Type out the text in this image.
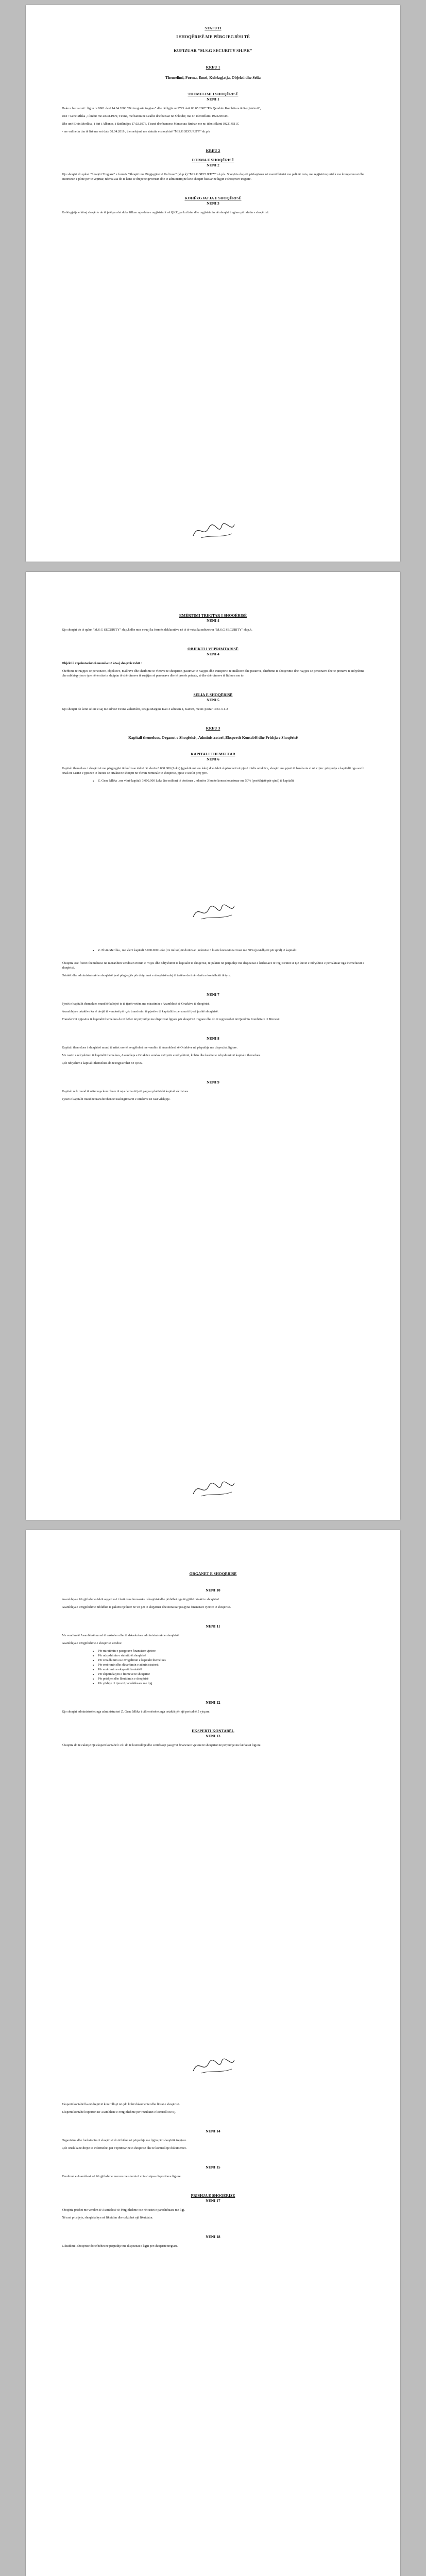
STATUTI

I SHOQËRISË ME PËRGJEGJËSI TË

KUFIZUAR "M.S.G SECURITY SH.P.K"

KREU 1

Themelimi, Forma, Emri, Kohëzgjatja, Objekti dhe Selia

THEMELIMI I SHOQËRISË

NENI 1

Duke u bazuar në : ligjin nr.9901 datë 14.04.2008 "Për tregtarët tregtare" dhe në ligjin nr.9723 datë 03.05.2007 "Për Qendrën Kombëtare të Regjistrimit",

Unë : Genc Mlika , i lindur më 28.08.1979, Tiranë, me banim në Lealbe dhe bazuar në Shkodër, me nr. identifikimi I92329031G

Dhe unë Elvin Merlika , i biri i Albanos, i datëlindjes 17.02.1976, Tiranë dhe banuese Mancoura Rruhan me nr. identifikimi I92214511C

- me vullnetin tim të lirë me sot date 08.04.2019 , themelojmë me statutin e shoqërisë "M.S.G SECURITY" sh.p.k

KREU 2

FORMA E SHOQËRISË

NENI 2

Kjo shoqëri do quhet "Shoqëri Tregtare" e formës "Shoqëri me Përgjegjësi të Kufizuar" (sh.p.k) "M.S.G SECURITY" sh.p.k. Shoqëria do jetë përfaqësuar në marrëdhëniet me palë të treta, me regjistrim juridik me kompetencat dhe autoritetin e plotë për të vepruar, ndërsa ata do të kenë të drejtë të qeverisin dhe të administrojnë këtë shoqëri bazuar në ligjin e shoqërive tregtare.

KOHËZGJATJA E SHOQËRISË

NENI 3

Kohëzgjatja e kësaj shoqërie do të jetë pa afat duke filluar nga data e regjistrimit në QKR, pa kufizim dhe regjistrimin në shoqëri tregtare për afatin e shoqërisë.

EMËRTIMI TREGTAR I SHOQËRISË

NENI 4

Kjo shoqëri do të quhet "M.S.G SECURITY" sh.p.k dhe mos e ruaj ka formën deklaratëve në të të vetat ku mbizotror "M.S.G SECURITY" sh.p.k.

OBJEKTI I VEPRIMTARISË

NENI 4

Objekti i veprimtarisë ekonomike të kësaj shoqërie është :

Shërbime të ruajtjes së personave, objekteve, mallrave dhe shërbime të vlerave të shoqërisë, pasurive të ruajtjes dhe transportit të mallrave dhe pasurive, shërbime të shoqërimit dhe ruajtjes së personave dhe të pronave të ndryshme dhe mbikëqyrjen e tyre në territorin shqiptar të shërbimeve të ruajtjes së personave dhe të pronës private, si dhe shërbimeve të lidhura me to.

SELIA E SHOQËRISË

NENI 5

Kjo shoqëri do kenë selinë e saj me adresë Tirana Zeherishti, Rruga Margine Kati 3 adresën 4, Kamëz, me nr. postar 1053-3-1-2

KREU 3

Kapitali themelues, Organet e Shoqërisë , Administratori ,Ekspertit Kontabël dhe Prishja e Shoqërisë

KAPITALI THEMELTAR

NENI 6

Kapitali themelues i shoqërisë me përgjegjësi të kufizuar është në vlerën 6.000.000 (Leke) (gjashtë milion leke) dhe është shpërndarë në pjesë midis ortakëve, shoqëri me pjesë të barabarta si në vijim: përqindja e kapitalit nga secili ortak në sasinë e pjesëve të kuotës së ortakut në shoqëri në vlerën nominale të shoqërisë, pjesë e secilit prej tyre.

• Z. Genc Mlika , me vlerë kapitali 3.000.000 Leke (tre milion) të dorëzuar , ndonëse 3 kuote konsesionarizuar me 50% (pesëdhjetë për qind) të kapitalit
• Z. Elvin Merlika , me vlerë kapitali 3.000.000 Leke (tre milion) të dorëzuar , ndonëse 3 kuote konsesionarizuar me 50% (pesëdhjetë për qind) të kapitalit

Shoqëria ose fitoret themeluese në menaxhim vendosin ritmin e rritjes dhe ndryshimit të kapitalit të shoqërisë, të paktën në përputhje me dispozitat e kërkesave të regjistrimit si një kuotë e ndryshme e përcaktuar nga themeluesit e shoqërisë.

Ortakët dhe administratorët e shoqërisë janë përgjegjës për detyrimet e shoqërisë ndaj të tretëve deri në vlerën e kontributit të tyre.

NENI 7

Pjesët e kapitalit themelues mund të kalojnë te të tjerët vetëm me miratimin e Asamblesë së Ortakëve të shoqërisë.

Asambleja e ortakëve ka të drejtë të vendosë për çdo transferim të pjesëve të kapitalit te persona të tjerë jashtë shoqërisë.

Transferimi i pjesëve të kapitalit themelues do të bëhet në përputhje me dispozitat ligjore për shoqëritë tregtare dhe do të regjistrohet në Qendrën Kombëtare të Biznesit.

NENI 8

Kapitali themelues i shoqërisë mund të rritet ose të zvogëlohet me vendim të Asamblesë së Ortakëve në përputhje me dispozitat ligjore.

Me rastin e ndryshimit të kapitalit themelues, Asambleja e Ortakëve vendos mënyrën e ndryshimit, kohën dhe kushtet e ndryshimit të kapitalit themelues.

Çdo ndryshim i kapitalit themelues do të regjistrohet në QKB.

NENI 9

Kapitali nuk mund të rritet nga kontribute të reja derisa të jetë paguar plotësisht kapitali ekzistues.

Pjesët e kapitalit mund të transferohen të trashëgimtarët e ortakëve në rast vdekjeje.

ORGANET E SHOQËRISË

NENI 10

Asambleja e Përgjithshme është organi më i lartë vendimmarrës i shoqërisë dhe përbëhet nga të gjithë ortakët e shoqërisë.

Asambleja e Përgjithshme mblidhet të paktën një herë në vit për të shqyrtuar dhe miratuar pasqyrat financiare vjetore të shoqërisë.

NENI 11

Me vendim të Asamblesë mund të caktohen dhe të shkarkohen administratorët e shoqërisë.

Asambleja e Përgjithshme e shoqërisë vendos:

• Për miratimin e pasqyrave financiare vjetore
• Për ndryshimin e statutit të shoqërisë
• Për zmadhimin ose zvogëlimin e kapitalit themelues
• Për emërimin dhe shkarkimin e administratorit
• Për emërimin e ekspertit kontabël
• Për shpërndarjen e fitimeve të shoqërisë
• Për prishjen dhe likuidimin e shoqërisë
• Për çështje të tjera të parashikuara me ligj

NENI 12

Kjo shoqëri administrohet nga administratori Z. Genc Mlika i cili emërohet nga ortakët për një periudhë 5 vjeçare.

EKSPERTI KONTABËL

NENI 13

Shoqëria do të caktojë një ekspert kontabël i cili do të kontrollojë dhe certifikojë pasqyrat financiare vjetore të shoqërisë në përputhje me kërkesat ligjore.

Eksperti kontabël ka të drejtë të kontrollojë në çdo kohë dokumentet dhe librat e shoqërisë.

Eksperti kontabël raporton në Asamblenë e Përgjithshme për rezultatet e kontrollit të tij.

NENI 14

Organizimi dhe funksionimi i shoqërisë do të bëhet në përputhje me ligjin për shoqëritë tregtare.

Çdo ortak ka të drejtë të informohet për veprimtarinë e shoqërisë dhe të kontrollojë dokumentet.

NENI 15

Vendimet e Asamblesë së Përgjithshme merren me shumicë votash sipas dispozitave ligjore.

PRISHJA E SHOQËRISË

NENI 17

Shoqëria prishet me vendim të Asamblesë së Përgjithshme ose në rastet e parashikuara me ligj.

Në rast prishjeje, shoqëria hyn në likuidim dhe caktohet një likuidator.

NENI 18

Likuidimi i shoqërisë do të bëhet në përputhje me dispozitat e ligjit për shoqëritë tregtare.
